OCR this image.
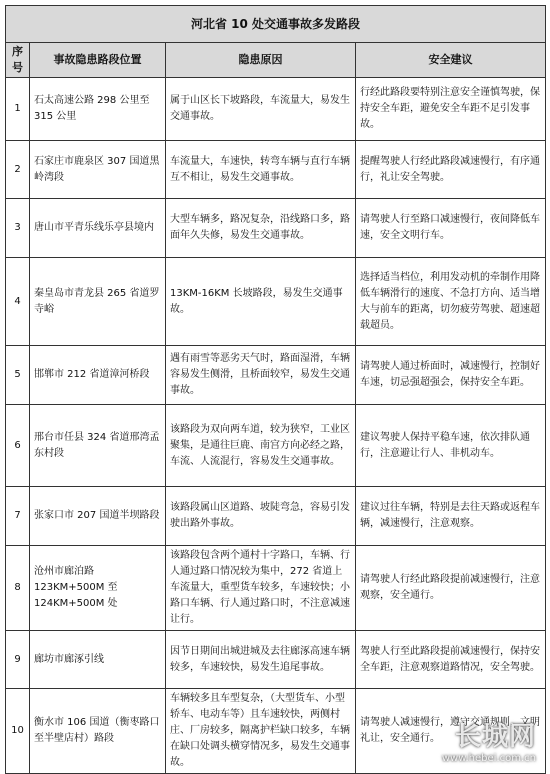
河北省 10 处交通事故多发路段			
序号	事故隐患路段位置	隐患原因	安全建议
1	石太高速公路 298 公里至 315 公里	属于山区长下坡路段，车流量大，易发生交通事故。	行经此路段要特别注意安全谨慎驾驶，保持安全车距，避免安全车距不足引发事故。
2	石家庄市鹿泉区 307 国道黑岭湾段	车流量大，车速快，转弯车辆与直行车辆互不相让，易发生交通事故。	提醒驾驶人行经此路段减速慢行，有序通行，礼让安全驾驶。
3	唐山市平青乐线乐亭县境内	大型车辆多，路况复杂，沿线路口多，路面年久失修，易发生交通事故。	请驾驶人行至路口减速慢行，夜间降低车速，安全文明行车。
4	秦皇岛市青龙县 265 省道罗寺峪	13KM-16KM 长坡路段，易发生交通事故。	选择适当档位，利用发动机的牵制作用降低车辆滑行的速度、不急打方向、适当增大与前车的距离，切勿疲劳驾驶、超速超载超员。
5	邯郸市 212 省道漳河桥段	遇有雨雪等恶劣天气时，路面湿滑，车辆容易发生侧滑，且桥面较窄，易发生交通事故。	请驾驶人通过桥面时，减速慢行，控制好车速，切忌强超强会，保持安全车距。
6	邢台市任县 324 省道邢湾孟东村段	该路段为双向两车道，较为狭窄，工业区聚集，是通往巨鹿、南宫方向必经之路，车流、人流混行，容易发生交通事故。	建议驾驶人保持平稳车速，依次排队通行，注意避让行人、非机动车。
7	张家口市 207 国道半坝路段	该路段属山区道路、坡陡弯急，容易引发驶出路外事故。	建议过往车辆，特别是去往天路或返程车辆，减速慢行，注意观察。
8	沧州市廊泊路 123KM+500M 至 124KM+500M 处	该路段包含两个通村十字路口，车辆、行人通过路口情况较为集中，272 省道上车流量大，重型货车较多，车速较快；小路口车辆、行人通过路口时，不注意减速让行。	请驾驶人行经此路段提前减速慢行，注意观察，安全通行。
9	廊坊市廊涿引线	因节日期间出城进城及去往廊涿高速车辆较多，车速较快，易发生追尾事故。	驾驶人行至此路段提前减速慢行，保持安全车距，注意观察道路情况，安全驾驶。
10	衡水市 106 国道（衡枣路口至半壁店村）路段	车辆较多且车型复杂，（大型货车、小型轿车、电动车等）且车速较快，两侧村庄、厂房较多，隔离护栏缺口较多，车辆在缺口处调头横穿情况多，易发生交通事故。	请驾驶人减速慢行，遵守交通规则，文明礼让，安全通行。 长城网
www.hebei.com.cn
